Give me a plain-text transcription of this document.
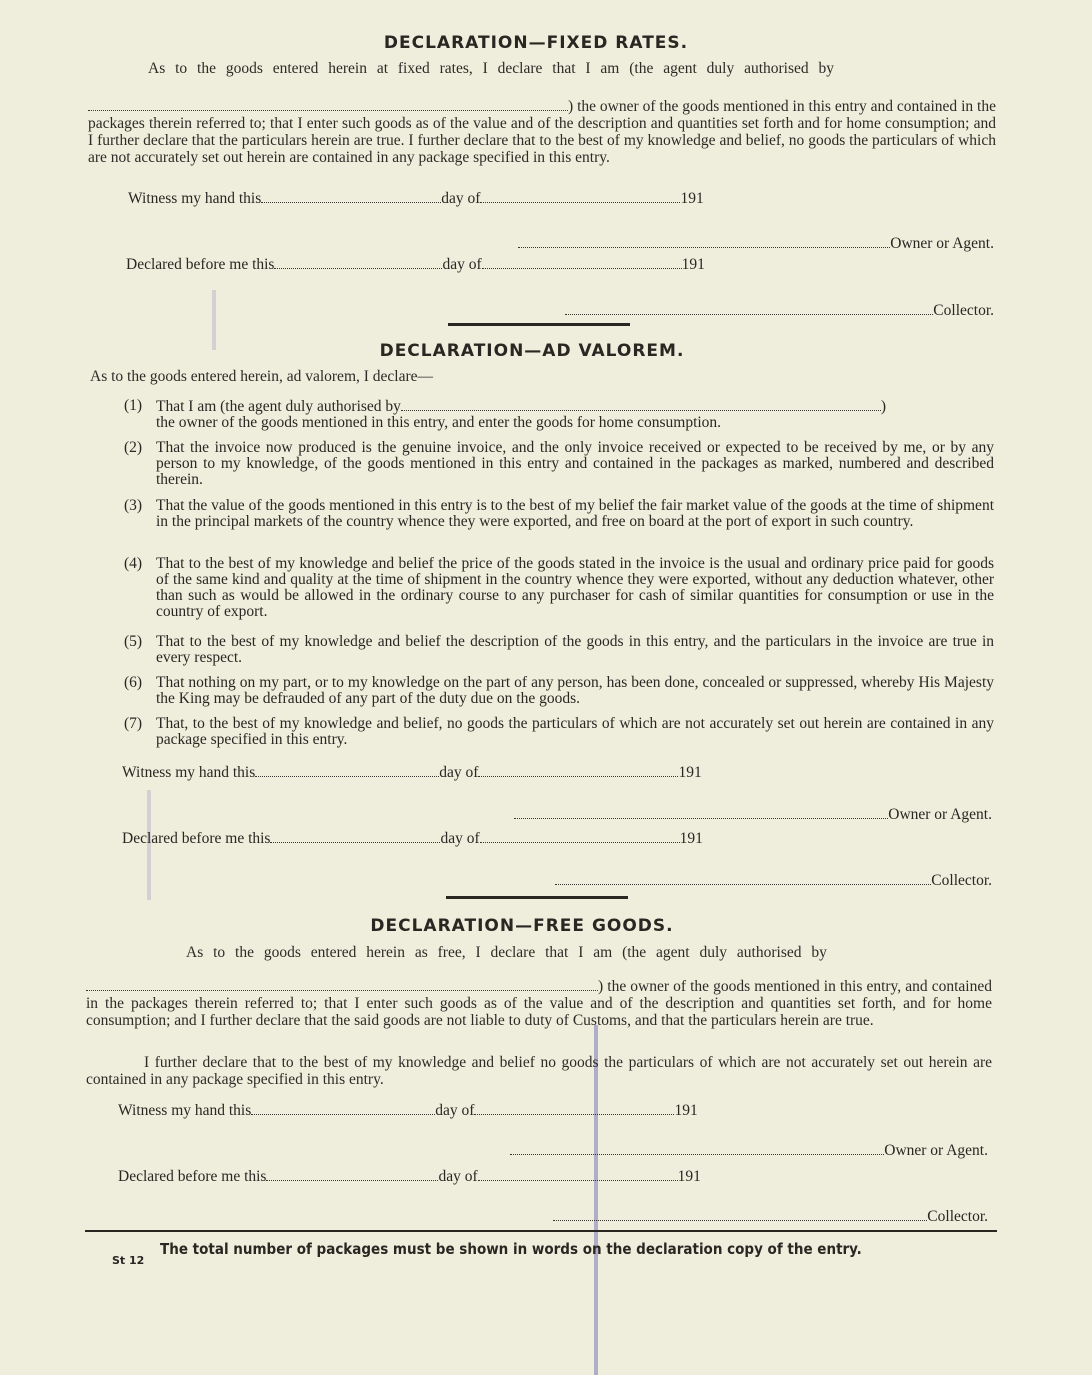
DECLARATION—FIXED RATES.
As to the goods entered herein at fixed rates, I declare that I am (the agent duly authorised by
) the owner of the goods mentioned in this entry and contained in the packages therein referred to; that I enter such goods as of the value and of the description and quantities set forth and for home consumption; and I further declare that the particulars herein are true. I further declare that to the best of my knowledge and belief, no goods the particulars of which are not accurately set out herein are contained in any package specified in this entry.
Witness my hand this	day of	191
Owner or Agent.
Declared before me this	day of	191
Collector.
DECLARATION—AD VALOREM.
As to the goods entered herein, ad valorem, I declare—
(1) That I am (the agent duly authorised by	)
the owner of the goods mentioned in this entry, and enter the goods for home consumption.
(2) That the invoice now produced is the genuine invoice, and the only invoice received or expected to be received by me, or by any person to my knowledge, of the goods mentioned in this entry and contained in the packages as marked, numbered and described therein.
(3) That the value of the goods mentioned in this entry is to the best of my belief the fair market value of the goods at the time of shipment in the principal markets of the country whence they were exported, and free on board at the port of export in such country.
(4) That to the best of my knowledge and belief the price of the goods stated in the invoice is the usual and ordinary price paid for goods of the same kind and quality at the time of shipment in the country whence they were exported, without any deduction whatever, other than such as would be allowed in the ordinary course to any purchaser for cash of similar quantities for consumption or use in the country of export.
(5) That to the best of my knowledge and belief the description of the goods in this entry, and the particulars in the invoice are true in every respect.
(6) That nothing on my part, or to my knowledge on the part of any person, has been done, concealed or suppressed, whereby His Majesty the King may be defrauded of any part of the duty due on the goods.
(7) That, to the best of my knowledge and belief, no goods the particulars of which are not accurately set out herein are contained in any package specified in this entry.
Witness my hand this	day of	191
Owner or Agent.
Declared before me this	day of	191
Collector.
DECLARATION—FREE GOODS.
As to the goods entered herein as free, I declare that I am (the agent duly authorised by
) the owner of the goods mentioned in this entry, and contained in the packages therein referred to; that I enter such goods as of the value and of the description and quantities set forth, and for home consumption; and I further declare that the said goods are not liable to duty of Customs, and that the particulars herein are true.
I further declare that to the best of my knowledge and belief no goods the particulars of which are not accurately set out herein are contained in any package specified in this entry.
Witness my hand this	day of	191
Owner or Agent.
Declared before me this	day of	191
Collector.
St 12
The total number of packages must be shown in words on the declaration copy of the entry.
